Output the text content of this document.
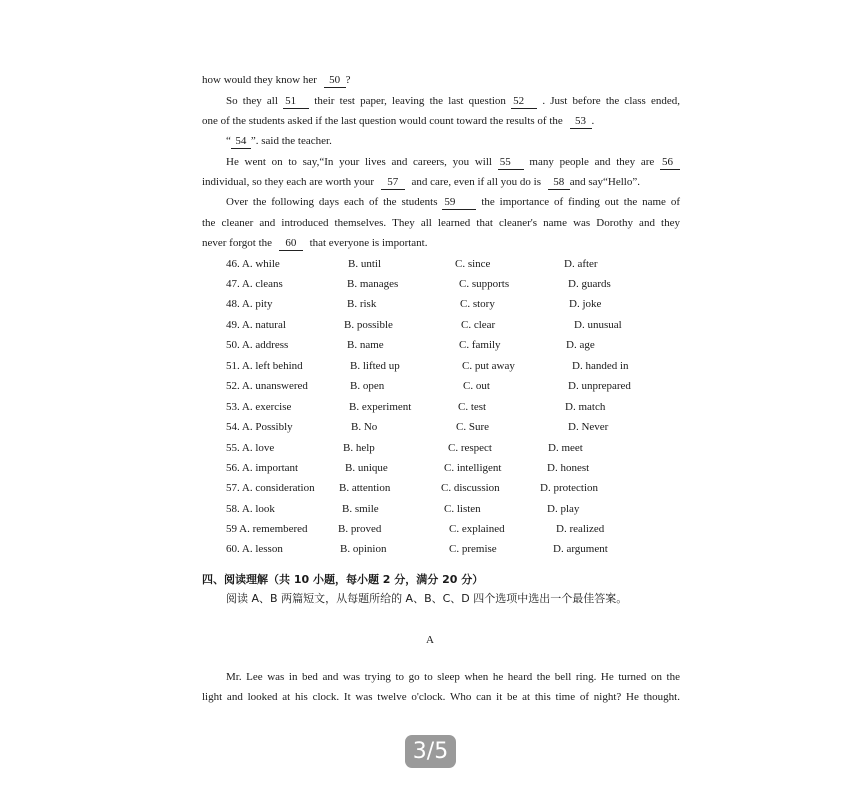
how would they know her 50 ?
So they all 51 their test paper, leaving the last question 52 . Just before the class ended,
one of the students asked if the last question would count toward the results of the 53 .
“ 54 ”. said the teacher.
He went on to say,“In your lives and careers, you will 55 many people and they are 56
individual, so they each are worth your 57 and care, even if all you do is 58 and say“Hello”.
Over the following days each of the students 59 the importance of finding out the name of
the cleaner and introduced themselves. They all learned that cleaner's name was Dorothy and they
never forgot the 60 that everyone is important.
46. A. while	B. until	C. since	D. after
47. A. cleans	B. manages	C. supports	D. guards
48. A. pity	B. risk	C. story	D. joke
49. A. natural	B. possible	C. clear	D. unusual
50. A. address	B. name	C. family	D. age
51. A. left behind	B. lifted up	C. put away	D. handed in
52. A. unanswered	B. open	C. out	D. unprepared
53. A. exercise	B. experiment	C. test	D. match
54. A. Possibly	B. No	C. Sure	D. Never
55. A. love	B. help	C. respect	D. meet
56. A. important	B. unique	C. intelligent	D. honest
57. A. consideration B. attention	C. discussion	D. protection
58. A. look	B. smile	C. listen	D. play
59 A. remembered	B. proved	C. explained	D. realized
60. A. lesson	B. opinion	C. premise	D. argument
四、阅读理解（共 10 小题，每小题 2 分，满分 20 分）
阅读 A、B 两篇短文，从每题所给的 A、B、C、D 四个选项中选出一个最佳答案。
A
Mr. Lee was in bed and was trying to go to sleep when he heard the bell ring. He turned on the
light and looked at his clock. It was twelve o'clock. Who can it be at this time of night? He thought.
3/5
